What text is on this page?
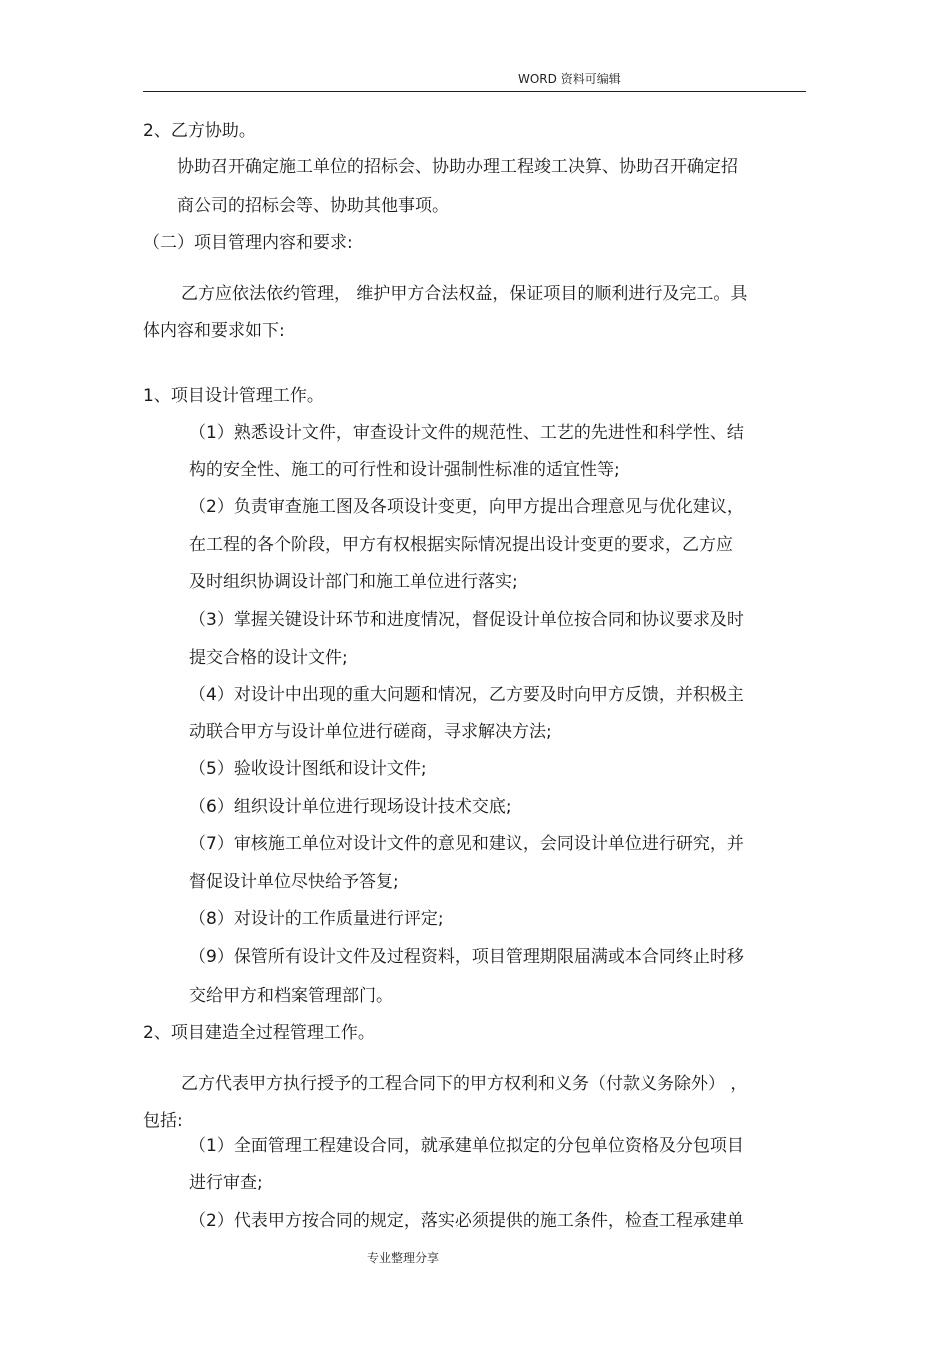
WORD 资料可编辑
2、乙方协助。
协助召开确定施工单位的招标会、协助办理工程竣工决算、协助召开确定招
商公司的招标会等、协助其他事项。
（二）项目管理内容和要求:
乙方应依法依约管理， 维护甲方合法权益，保证项目的顺利进行及完工。具
体内容和要求如下:
1、项目设计管理工作。
（1）熟悉设计文件，审查设计文件的规范性、工艺的先进性和科学性、结
构的安全性、施工的可行性和设计强制性标准的适宜性等;
（2）负责审查施工图及各项设计变更，向甲方提出合理意见与优化建议，
在工程的各个阶段，甲方有权根据实际情况提出设计变更的要求，乙方应
及时组织协调设计部门和施工单位进行落实;
（3）掌握关键设计环节和进度情况，督促设计单位按合同和协议要求及时
提交合格的设计文件;
（4）对设计中出现的重大问题和情况，乙方要及时向甲方反馈，并积极主
动联合甲方与设计单位进行磋商，寻求解决方法;
（5）验收设计图纸和设计文件;
（6）组织设计单位进行现场设计技术交底;
（7）审核施工单位对设计文件的意见和建议，会同设计单位进行研究，并
督促设计单位尽快给予答复;
（8）对设计的工作质量进行评定;
（9）保管所有设计文件及过程资料，项目管理期限届满或本合同终止时移
交给甲方和档案管理部门。
2、项目建造全过程管理工作。
乙方代表甲方执行授予的工程合同下的甲方权利和义务（付款义务除外） ，
包括:
（1）全面管理工程建设合同，就承建单位拟定的分包单位资格及分包项目
进行审查;
（2）代表甲方按合同的规定，落实必须提供的施工条件，检查工程承建单
专业整理分享
